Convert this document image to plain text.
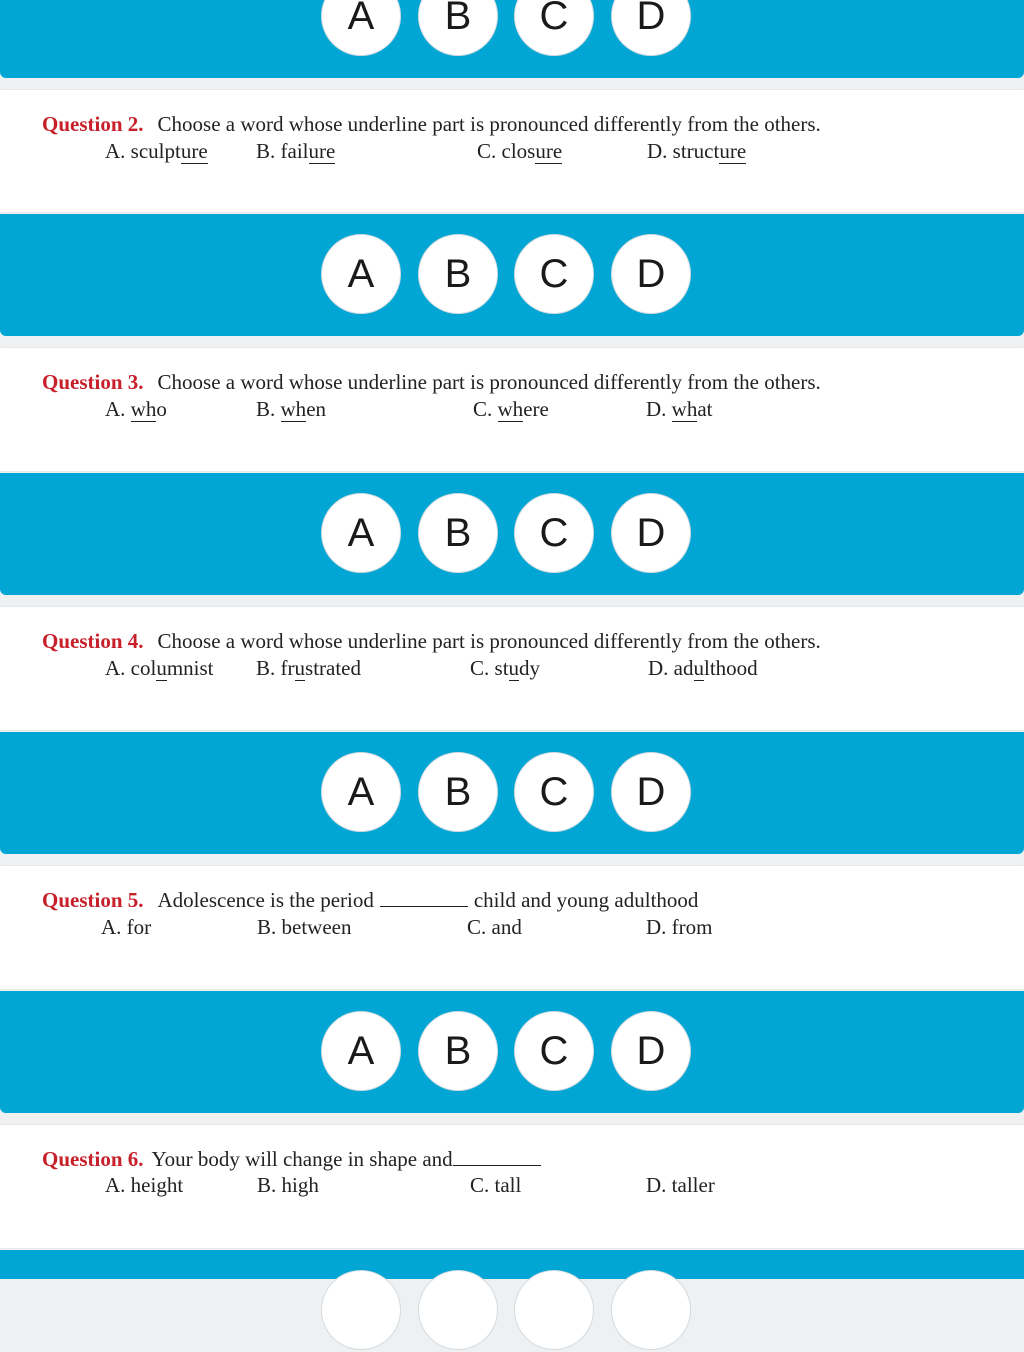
A	B	C	D
Question 2. Choose a word whose underline part is pronounced differently from the others.
A. sculpture B. failure	C. closure	D. structure
A	B	C	D
Question 3. Choose a word whose underline part is pronounced differently from the others.
A. who	B. when	C. where	D. what
A	B	C	D
Question 4. Choose a word whose underline part is pronounced differently from the others.
A. columnist B. frustrated	C. study	D. adulthood
A	B	C	D
Question 5. Adolescence is the period	child and young adulthood
A. for	B. between	C. and	D. from
A	B	C	D
Question 6. Your body will change in shape and
A. height	B. high	C. tall	D. taller
